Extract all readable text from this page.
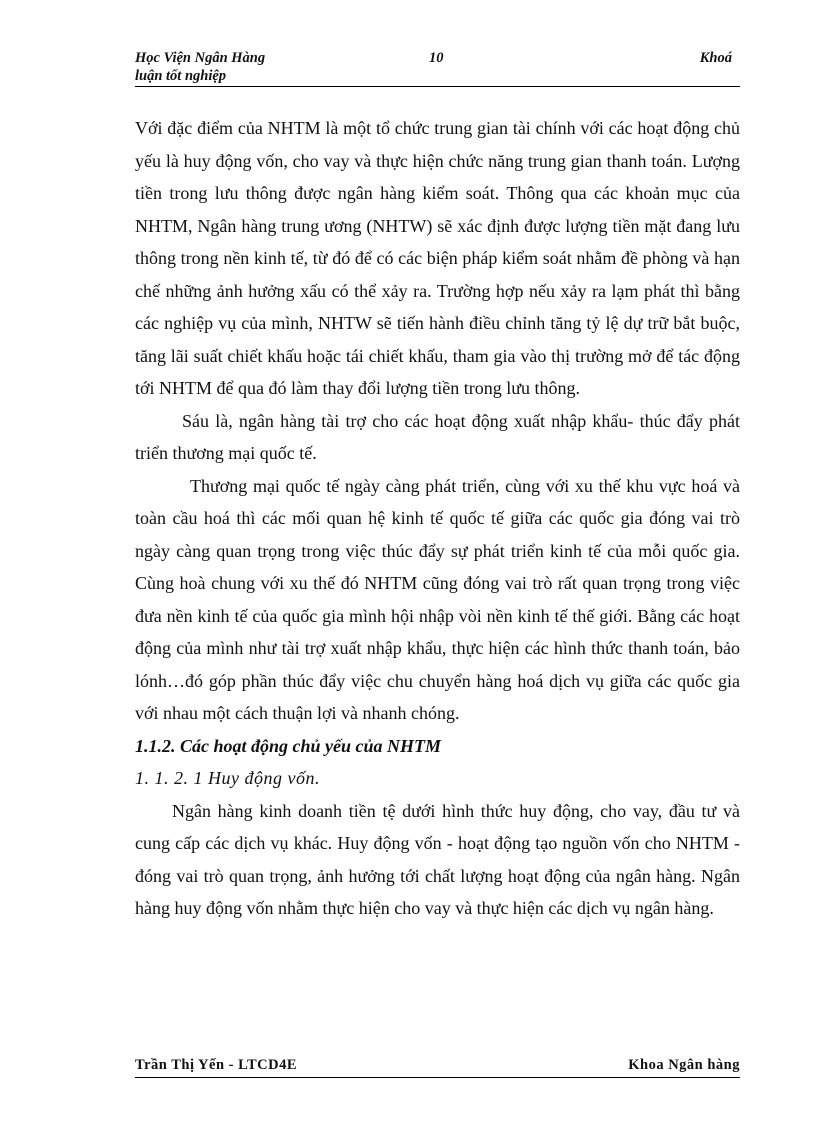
Học Viện Ngân Hàng	10	Khoá
luận tốt nghiệp

Với đặc điểm của NHTM là một tổ chức trung gian tài chính với các hoạt động chủ yếu là huy động vốn, cho vay và thực hiện chức năng trung gian thanh toán. Lượng tiền trong lưu thông được ngân hàng kiểm soát. Thông qua các khoản mục của NHTM, Ngân hàng trung ương (NHTW) sẽ xác định được lượng tiền mặt đang lưu thông trong nền kinh tế, từ đó để có các biện pháp kiểm soát nhằm đề phòng và hạn chế những ảnh hưởng xấu có thể xảy ra. Trường hợp nếu xảy ra lạm phát thì bằng các nghiệp vụ của mình, NHTW sẽ tiến hành điều chỉnh tăng tỷ lệ dự trữ bắt buộc, tăng lãi suất chiết khấu hoặc tái chiết khấu, tham gia vào thị trường mở để tác động tới NHTM để qua đó làm thay đổi lượng tiền trong lưu thông.

Sáu là, ngân hàng tài trợ cho các hoạt động xuất nhập khẩu- thúc đẩy phát triển thương mại quốc tế.

Thương mại quốc tế ngày càng phát triển, cùng với xu thế khu vực hoá và toàn cầu hoá thì các mối quan hệ kinh tế quốc tế giữa các quốc gia đóng vai trò ngày càng quan trọng trong việc thúc đẩy sự phát triển kinh tế của mỗi quốc gia. Cùng hoà chung với xu thế đó NHTM cũng đóng vai trò rất quan trọng trong việc đưa nền kinh tế của quốc gia mình hội nhập vòi nền kinh tế thế giới. Bằng các hoạt động của mình như tài trợ xuất nhập khẩu, thực hiện các hình thức thanh toán, bảo lónh…đó góp phần thúc đẩy việc chu chuyển hàng hoá dịch vụ giữa các quốc gia với nhau một cách thuận lợi và nhanh chóng.

1.1.2. Các hoạt động chủ yếu của NHTM

1. 1. 2. 1 Huy động vốn.

Ngân hàng kinh doanh tiền tệ dưới hình thức huy động, cho vay, đầu tư và cung cấp các dịch vụ khác. Huy động vốn - hoạt động tạo nguồn vốn cho NHTM - đóng vai trò quan trọng, ảnh hưởng tới chất lượng hoạt động của ngân hàng. Ngân hàng huy động vốn nhằm thực hiện cho vay và thực hiện các dịch vụ ngân hàng.

Trần Thị Yến - LTCD4E	Khoa Ngân hàng
